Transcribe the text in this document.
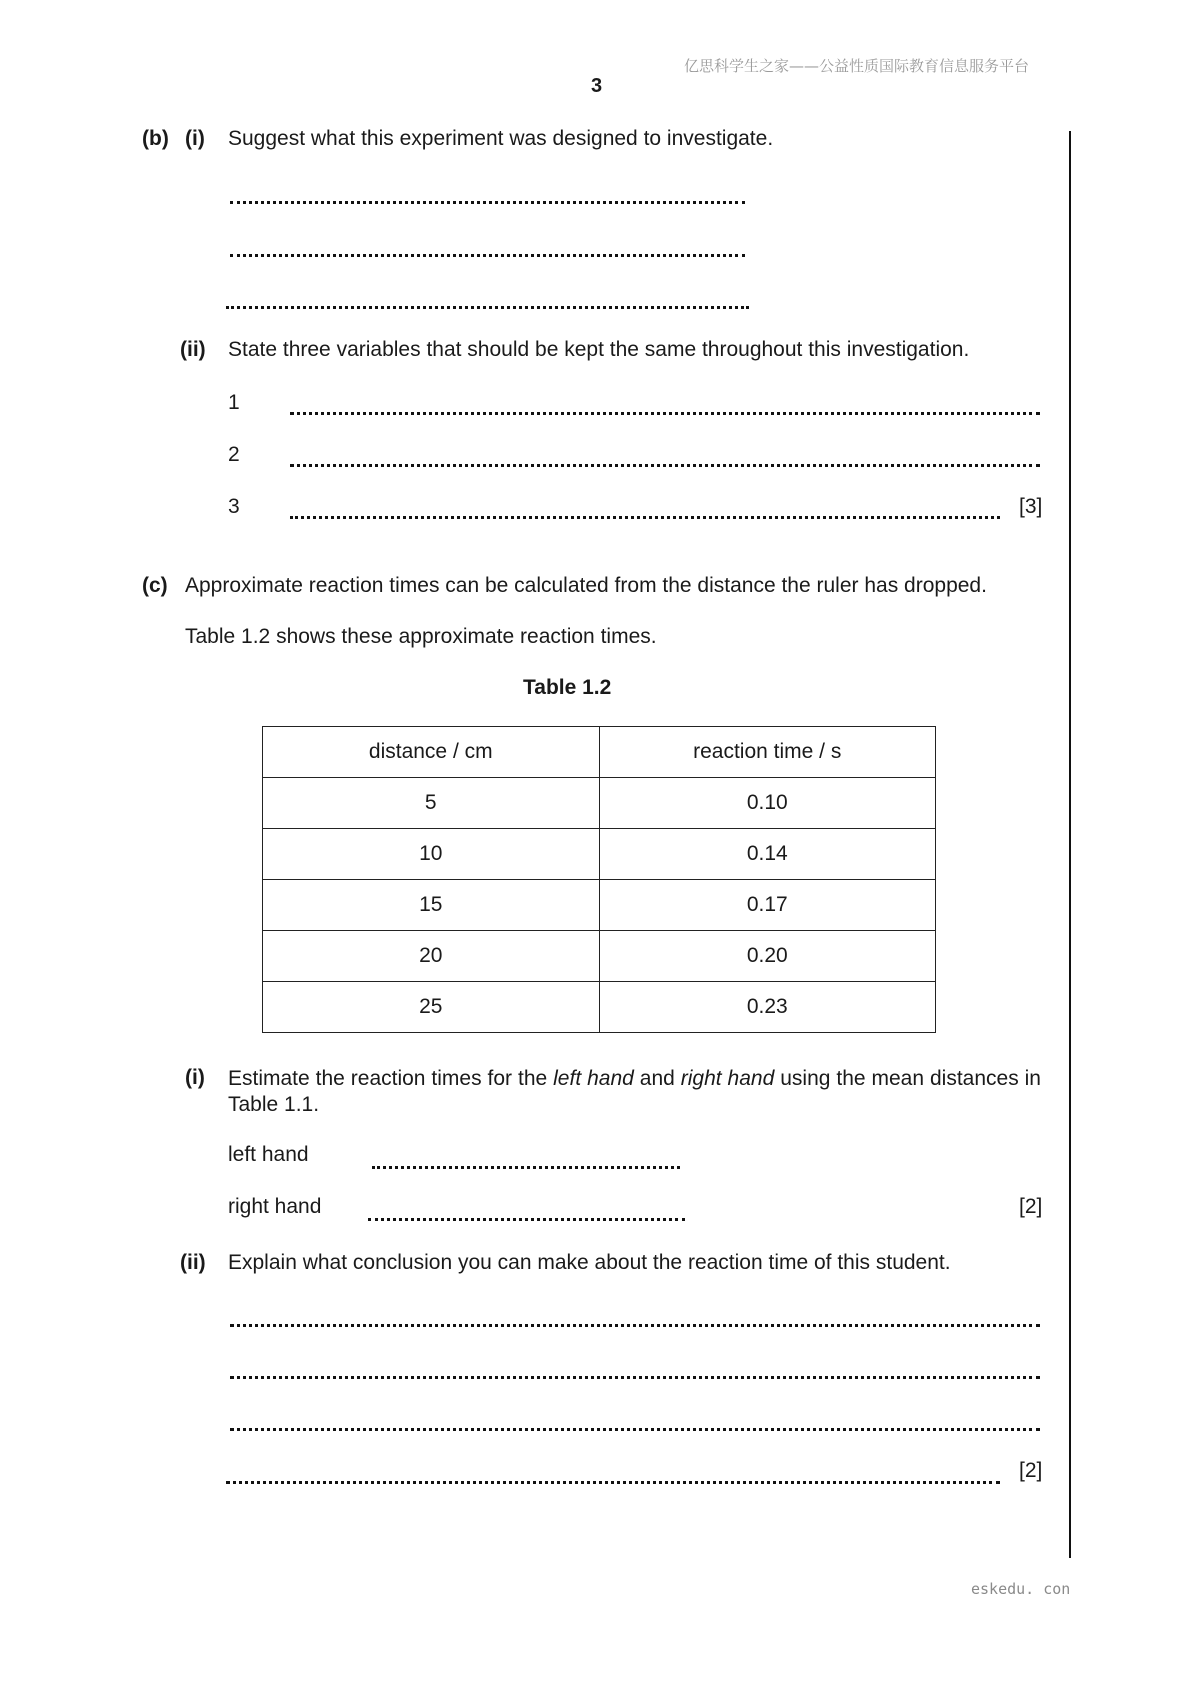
亿思科学生之家——公益性质国际教育信息服务平台
3
(b) (i) Suggest what this experiment was designed to investigate.
(ii) State three variables that should be kept the same throughout this investigation.
1
2
3	[3]
(c) Approximate reaction times can be calculated from the distance the ruler has dropped.
Table 1.2 shows these approximate reaction times.
Table 1.2
distance / cm	reaction time / s
5	0.10
10	0.14
15	0.17
20	0.20
25	0.23
(i) Estimate the reaction times for the left hand and right hand using the mean distances in Table 1.1.
left hand
right hand	[2]
(ii) Explain what conclusion you can make about the reaction time of this student.
[2]
eskedu. con
